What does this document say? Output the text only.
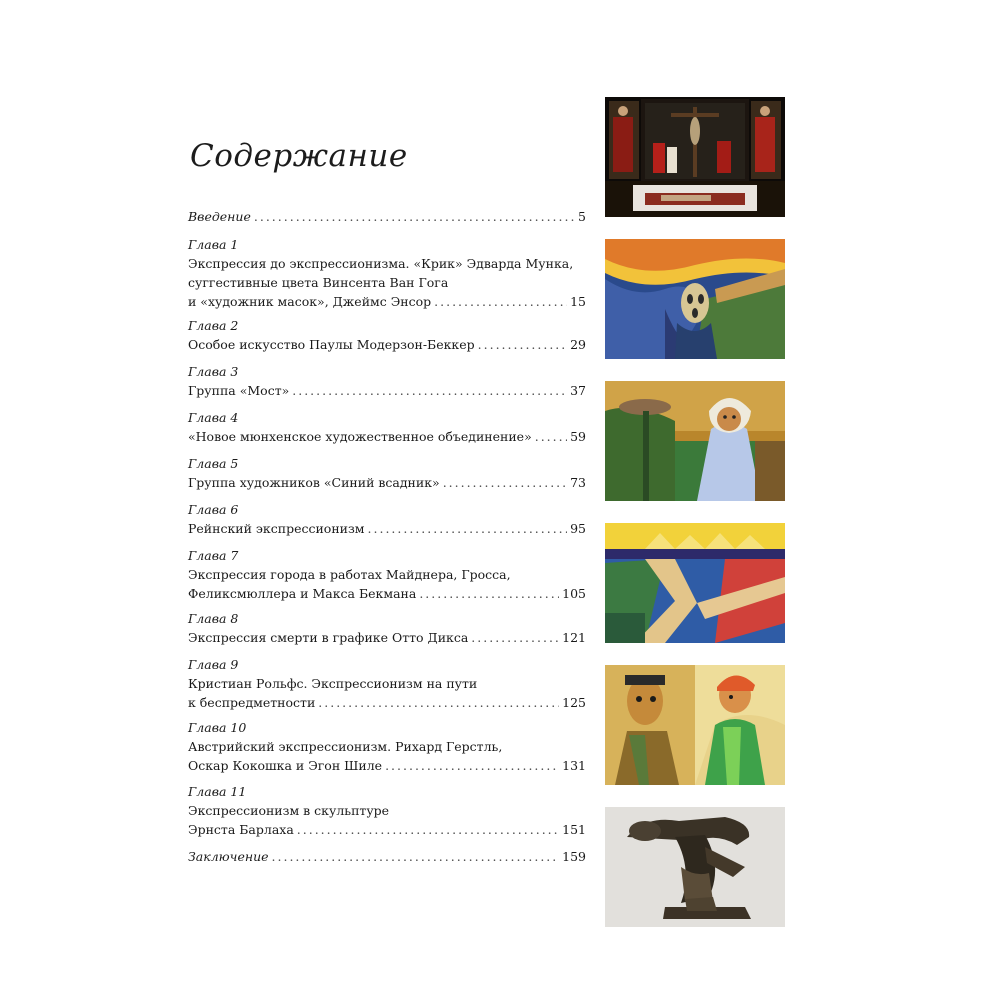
Содержание
Введение .....	5
Глава 1
Экспрессия до экспрессионизма. «Крик» Эдварда Мунка,
суггестивные цвета Винсента Ван Гога
и «художник масок», Джеймс Энсор .....	15
Глава 2
Особое искусство Паулы Модерзон-Беккер .....	29
Глава 3
Группа «Мост» .....	37
Глава 4
«Новое мюнхенское художественное объединение» .....	59
Глава 5
Группа художников «Синий всадник» .....	73
Глава 6
Рейнский экспрессионизм .....	95
Глава 7
Экспрессия города в работах Майднера, Гросса,
Феликсмюллера и Макса Бекмана .....	105
Глава 8
Экспрессия смерти в графике Отто Дикса .....	121
Глава 9
Кристиан Рольфс. Экспрессионизм на пути
к беспредметности .....	125
Глава 10
Австрийский экспрессионизм. Рихард Герстль,
Оскар Кокошка и Эгон Шиле .....	131
Глава 11
Экспрессионизм в скульптуре
Эрнста Барлаха .....	151
Заключение .....	159
